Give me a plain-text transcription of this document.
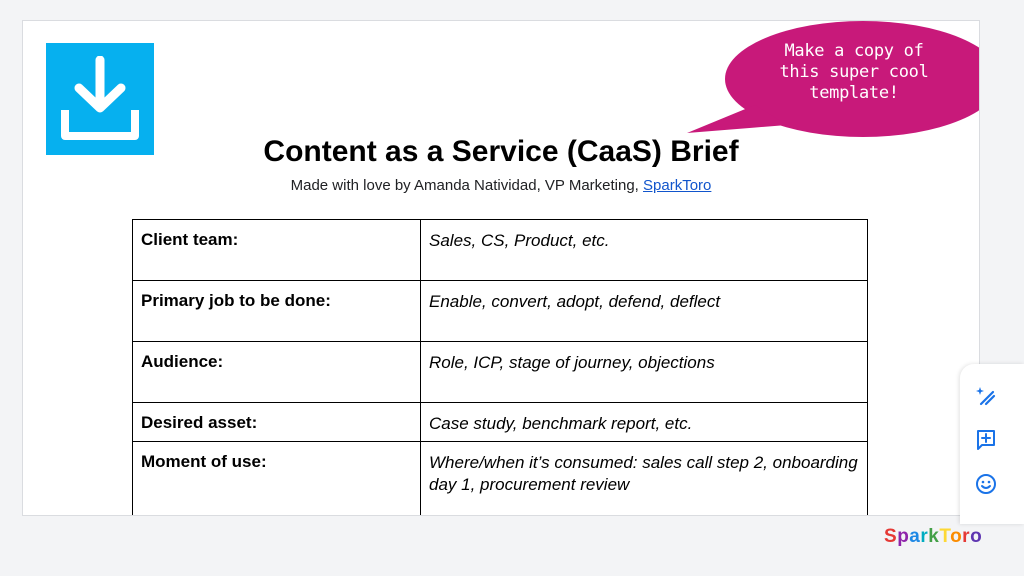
Make a copy of
this super cool
template!
Content as a Service (CaaS) Brief
Made with love by Amanda Natividad, VP Marketing, SparkToro
Client team:	Sales, CS, Product, etc.
Primary job to be done:	Enable, convert, adopt, defend, deflect
Audience:	Role, ICP, stage of journey, objections
Desired asset:	Case study, benchmark report, etc.
Moment of use:	Where/when it’s consumed: sales call step 2, onboarding day 1, procurement review
SparkToro
